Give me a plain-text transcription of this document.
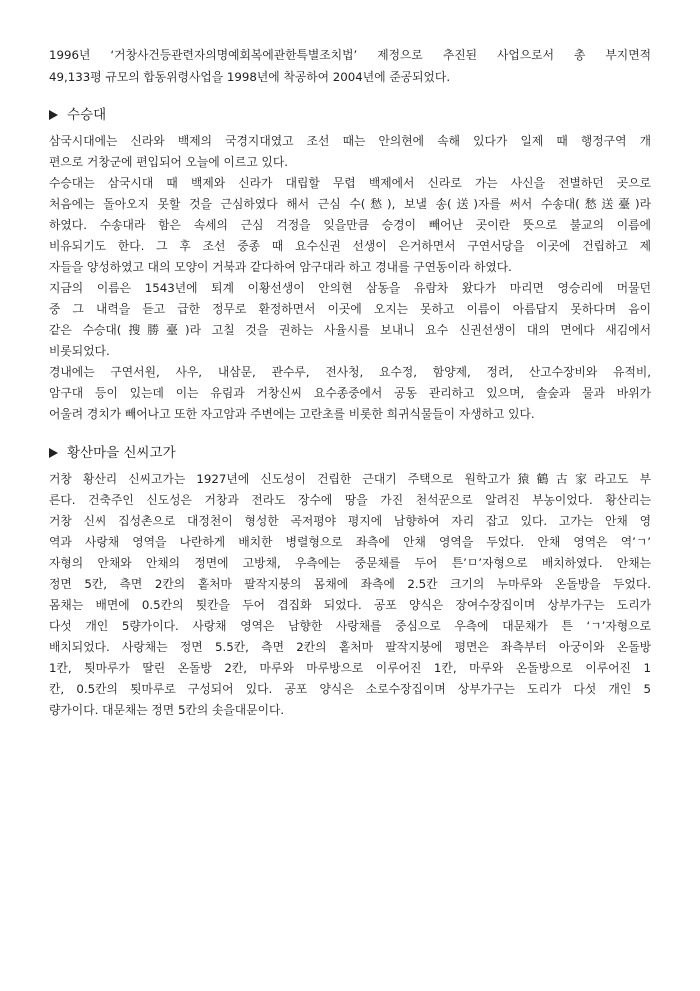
1996년 ‘거창사건등관련자의명예회복에관한특별조치법’ 제정으로 추진된 사업으로서 총 부지면적
49,133평 규모의 합동위령사업을 1998년에 착공하여 2004년에 준공되었다.
수승대
삼국시대에는 신라와 백제의 국경지대였고 조선 때는 안의현에 속해 있다가 일제 때 행정구역 개
편으로 거창군에 편입되어 오늘에 이르고 있다.
수승대는 삼국시대 때 백제와 신라가 대립할 무렵 백제에서 신라로 가는 사신을 전별하던 곳으로
처음에는 돌아오지 못할 것을 근심하였다 해서 근심 수(愁), 보낼 송(送)자를 써서 수송대(愁送臺)라
하였다. 수송대라 함은 속세의 근심 걱정을 잊을만큼 승경이 빼어난 곳이란 뜻으로 불교의 이름에
비유되기도 한다. 그 후 조선 중종 때 요수신권 선생이 은거하면서 구연서당을 이곳에 건립하고 제
자들을 양성하였고 대의 모양이 거북과 같다하여 암구대라 하고 경내를 구연동이라 하였다.
지금의 이름은 1543년에 퇴계 이황선생이 안의현 삼동을 유람차 왔다가 마리면 영승리에 머물던
중 그 내력을 듣고 급한 정무로 환정하면서 이곳에 오지는 못하고 이름이 아름답지 못하다며 음이
같은 수승대(搜勝臺)라 고칠 것을 권하는 사율시를 보내니 요수 신권선생이 대의 면에다 새김에서
비롯되었다.
경내에는 구연서원, 사우, 내삼문, 관수루, 전사청, 요수정, 함양제, 정려, 산고수장비와 유적비,
암구대 등이 있는데 이는 유림과 거창신씨 요수종중에서 공동 관리하고 있으며, 솔숲과 물과 바위가
어울려 경치가 빼어나고 또한 자고암과 주변에는 고란초를 비롯한 희귀식물들이 자생하고 있다.
황산마을 신씨고가
거창 황산리 신씨고가는 1927년에 신도성이 건립한 근대기 주택으로 원학고가猿鶴古家라고도 부
른다. 건축주인 신도성은 거창과 전라도 장수에 땅을 가진 천석꾼으로 알려진 부농이었다. 황산리는
거창 신씨 집성촌으로 대정천이 형성한 곡저평야 평지에 남향하여 자리 잡고 있다. 고가는 안채 영
역과 사랑채 영역을 나란하게 배치한 병렬형으로 좌측에 안채 영역을 두었다. 안채 영역은 역’ㄱ’
자형의 안채와 안채의 정면에 고방채, 우측에는 중문채를 두어 튼’ㅁ’자형으로 배치하였다. 안채는
정면 5칸, 측면 2칸의 홑처마 팔작지붕의 몸채에 좌측에 2.5칸 크기의 누마루와 온돌방을 두었다.
몸채는 배면에 0.5칸의 툇칸을 두어 겹집화 되었다. 공포 양식은 장여수장집이며 상부가구는 도리가
다섯 개인 5량가이다. 사랑채 영역은 남향한 사랑채를 중심으로 우측에 대문채가 튼 ‘ㄱ’자형으로
배치되었다. 사랑채는 정면 5.5칸, 측면 2칸의 홑처마 팔작지붕에 평면은 좌측부터 아궁이와 온돌방
1칸, 툇마루가 딸린 온돌방 2칸, 마루와 마루방으로 이루어진 1칸, 마루와 온돌방으로 이루어진 1
칸, 0.5칸의 툇마루로 구성되어 있다. 공포 양식은 소로수장집이며 상부가구는 도리가 다섯 개인 5
량가이다. 대문채는 정면 5칸의 솟을대문이다.
